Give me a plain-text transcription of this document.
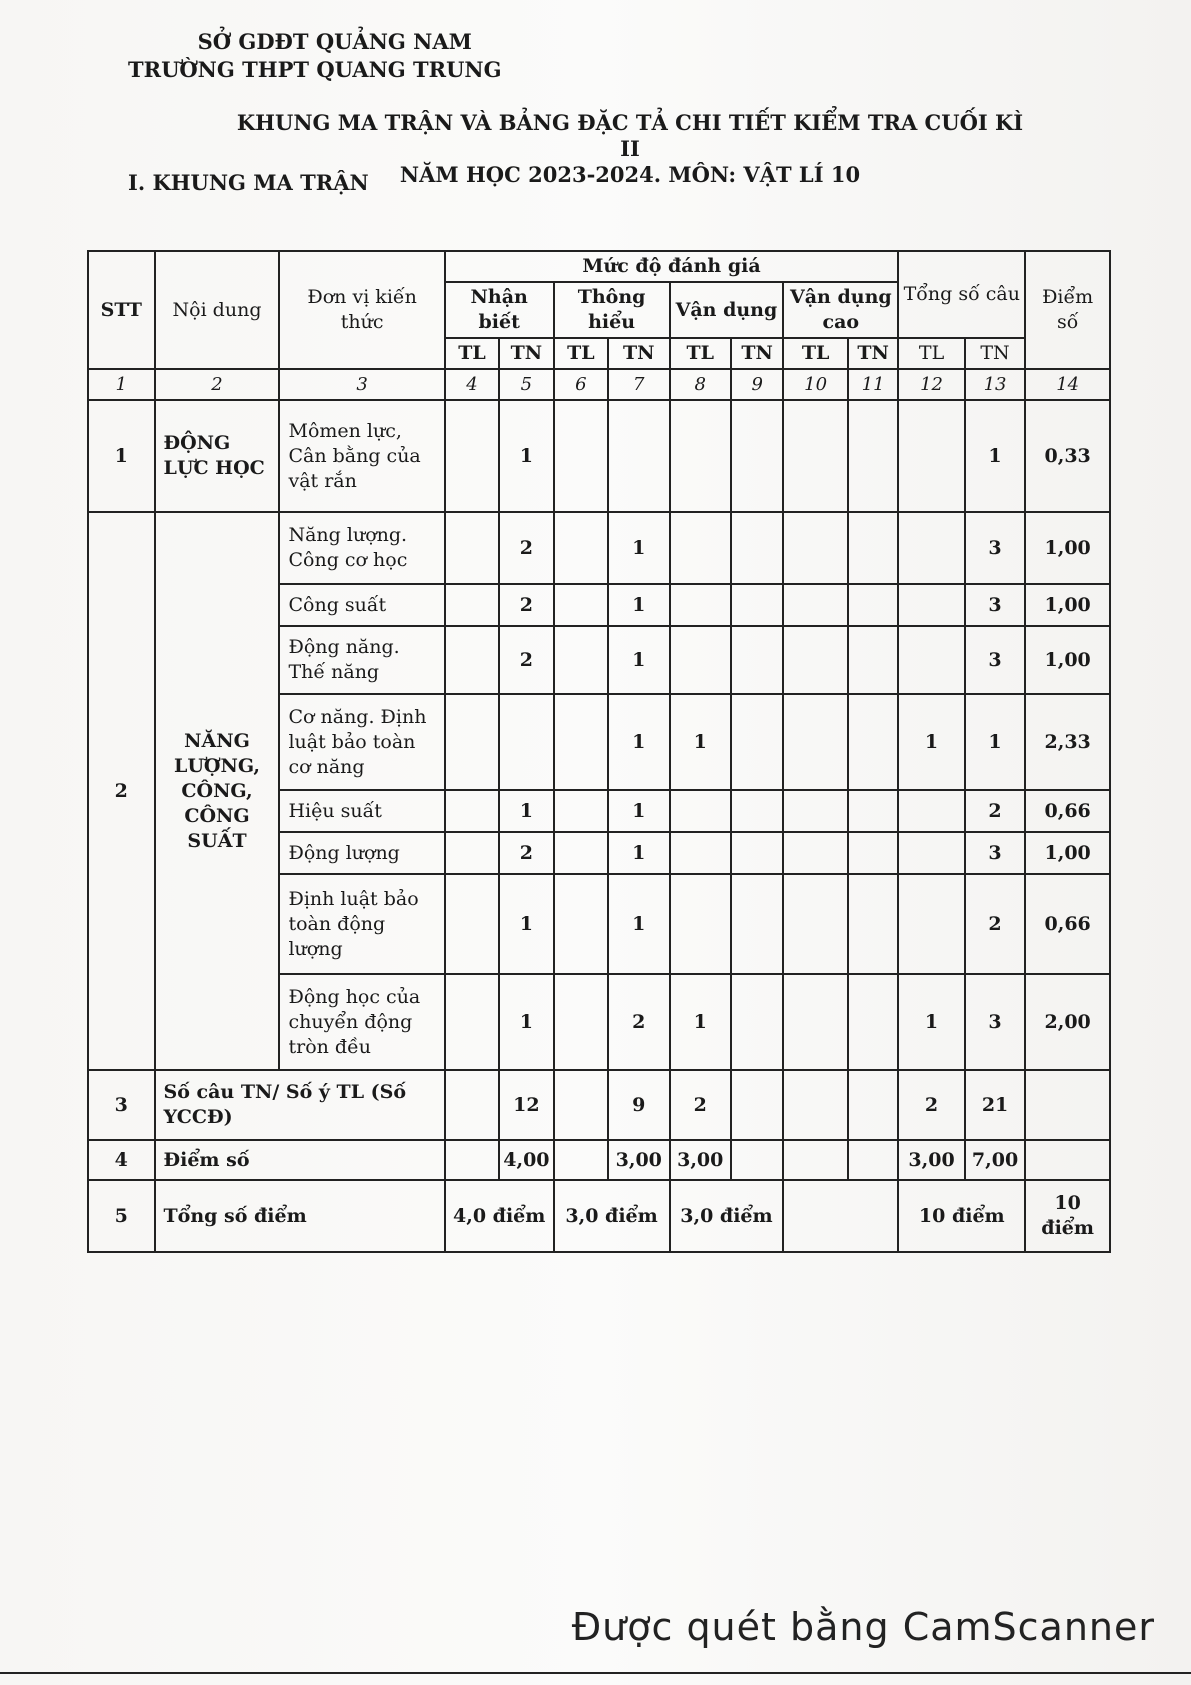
SỞ GDĐT QUẢNG NAM
TRƯỜNG THPT QUANG TRUNG
KHUNG MA TRẬN VÀ BẢNG ĐẶC TẢ CHI TIẾT KIỂM TRA CUỐI KÌ II
NĂM HỌC 2023-2024. MÔN: VẬT LÍ 10
I. KHUNG MA TRẬN
STT	Nội dung	Đơn vị kiến thức	Mức độ đánh giá								Tổng số câu		Điểm số
			Nhận biết		Thông hiểu		Vận dụng		Vận dụng cao				
			TL	TN	TL	TN	TL	TN	TL	TN	TL	TN	
1	2	3	4	5	6	7	8	9	10	11	12	13	14
1	ĐỘNG LỰC HỌC	Mômen lực, Cân bằng của vật rắn		1								1	0,33
2	NĂNG LƯỢNG, CÔNG, CÔNG SUẤT	Năng lượng. Công cơ học		2		1						3	1,00
		Công suất		2		1						3	1,00
		Động năng. Thế năng		2		1						3	1,00
		Cơ năng. Định luật bảo toàn cơ năng				1	1				1	1	2,33
		Hiệu suất		1		1						2	0,66
		Động lượng		2		1						3	1,00
		Định luật bảo toàn động lượng		1		1						2	0,66
		Động học của chuyển động tròn đều		1		2	1				1	3	2,00
3	Số câu TN/ Số ý TL (Số YCCĐ)			12		9	2				2	21	
4	Điểm số			4,00		3,00	3,00				3,00	7,00	
5	Tổng số điểm		4,0 điểm		3,0 điểm		3,0 điểm				10 điểm		10 điểm
Được quét bằng CamScanner
